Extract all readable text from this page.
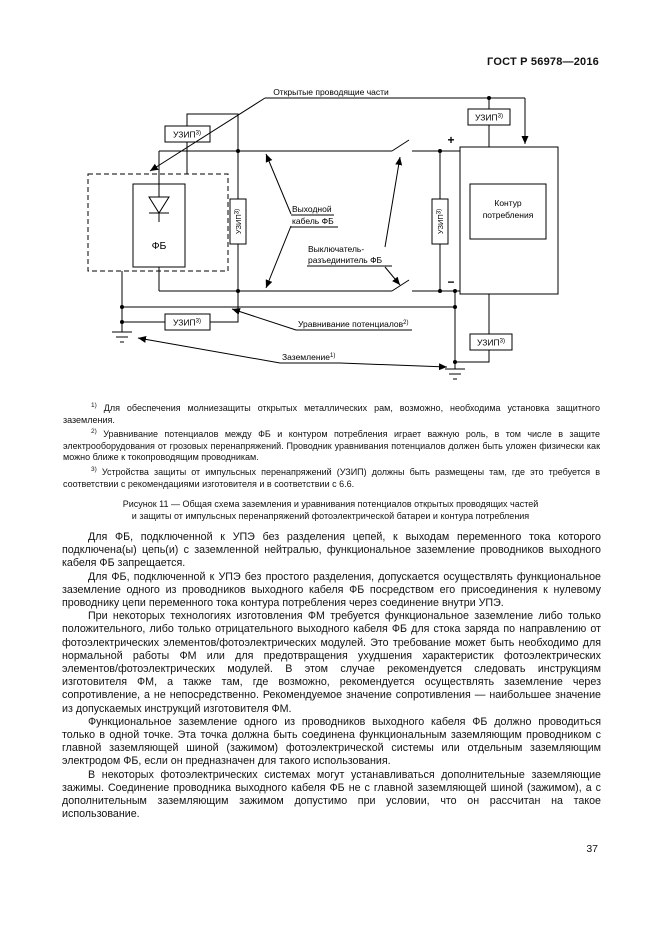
ГОСТ Р 56978—2016
ФБ
+
−
$УЗИП^{3)}$
УЗИП$^{3)}$
Контур
потребления
УЗИП$^{3)}$
УЗИП$^{3)}$
УЗИП$^{3)}$
УЗИП$^{3)}$
Открытые проводящие части
Выходной
кабель ФБ
Выключатель-
разъединитель ФБ
Уравнивание потенциалов$^{2)}$
Заземление$^{1)}$

$^{1)}$ Для обеспечения молниезащиты открытых металлических рам, возможно, необходима установка защитного заземления.

$^{2)}$ Уравнивание потенциалов между ФБ и контуром потребления играет важную роль, в том числе в защите электрооборудования от грозовых перенапряжений. Проводник уравнивания потенциалов должен быть уложен физически как можно ближе к токопроводящим проводникам.

$^{3)}$ Устройства защиты от импульсных перенапряжений (УЗИП) должны быть размещены там, где это требуется в соответствии с рекомендациями изготовителя и в соответствии с 6.6.

Рисунок 11 — Общая схема заземления и уравнивания потенциалов открытых проводящих частей
и защиты от импульсных перенапряжений фотоэлектрической батареи и контура потребления

Для ФБ, подключенной к УПЭ без разделения цепей, к выходам переменного тока которого подключена(ы) цепь(и) с заземленной нейтралью, функциональное заземление проводников выходного кабеля ФБ запрещается.

Для ФБ, подключенной к УПЭ без простого разделения, допускается осуществлять функциональное заземление одного из проводников выходного кабеля ФБ посредством его присоединения к нулевому проводнику цепи переменного тока контура потребления через соединение внутри УПЭ.

При некоторых технологиях изготовления ФМ требуется функциональное заземление либо только положительного, либо только отрицательного выходного кабеля ФБ для стока заряда по направлению от фотоэлектрических элементов/фотоэлектрических модулей. Это требование может быть необходимо для нормальной работы ФМ или для предотвращения ухудшения характеристик фотоэлектрических элементов/фотоэлектрических модулей. В этом случае рекомендуется следовать инструкциям изготовителя ФМ, а также там, где возможно, рекомендуется осуществлять заземление через сопротивление, а не непосредственно. Рекомендуемое значение сопротивления — наибольшее значение из допускаемых инструкций изготовителя ФМ.

Функциональное заземление одного из проводников выходного кабеля ФБ должно проводиться только в одной точке. Эта точка должна быть соединена функциональным заземляющим проводником с главной заземляющей шиной (зажимом) фотоэлектрической системы или отдельным заземляющим электродом ФБ, если он предназначен для такого использования.

В некоторых фотоэлектрических системах могут устанавливаться дополнительные заземляющие зажимы. Соединение проводника выходного кабеля ФБ не с главной заземляющей шиной (зажимом), а с дополнительным заземляющим зажимом допустимо при условии, что он рассчитан на такое использование.

37
